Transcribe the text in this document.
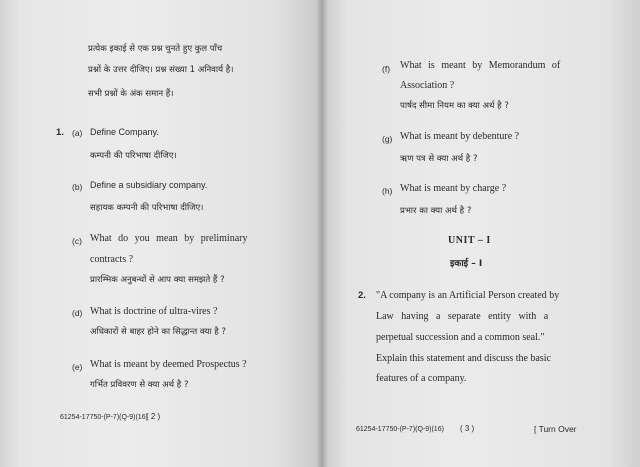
प्रत्येक इकाई से एक प्रश्न चुनते हुए कुल पाँच
प्रश्नों के उत्तर दीजिए। प्रश्न संख्या 1 अनिवार्य है।
सभी प्रश्नों के अंक समान हैं।
1. (a) Define Company.
कम्पनी की परिभाषा दीजिए।
(b) Define a subsidiary company.
सहायक कम्पनी की परिभाषा दीजिए।
(c) What do you mean by preliminary
contracts ?
प्रारम्भिक अनुबन्धों से आप क्या समझते हैं ?
(d) What is doctrine of ultra-vires ?
अधिकारों से बाहर होने का सिद्धान्त क्या है ?
(e) What is meant by deemed Prospectus ?
गर्भित प्रविवरण से क्या अर्थ है ?
61254-17750-(P-7)(Q-9)(16)
( 2 )
(f) What is meant by Memorandum of
Association ?
पार्षद सीमा नियम का क्या अर्थ है ?
(g) What is meant by debenture ?
ऋण पत्र से क्या अर्थ है ?
(h) What is meant by charge ?
प्रभार का क्या अर्थ है ?
UNIT – I
इकाई – I
2. "A company is an Artificial Person created by
Law having a separate entity with a
perpetual succession and a common seal."
Explain this statement and discuss the basic
features of a company.
61254-17750-(P-7)(Q-9)(16) ( 3 )	[ Turn Over
